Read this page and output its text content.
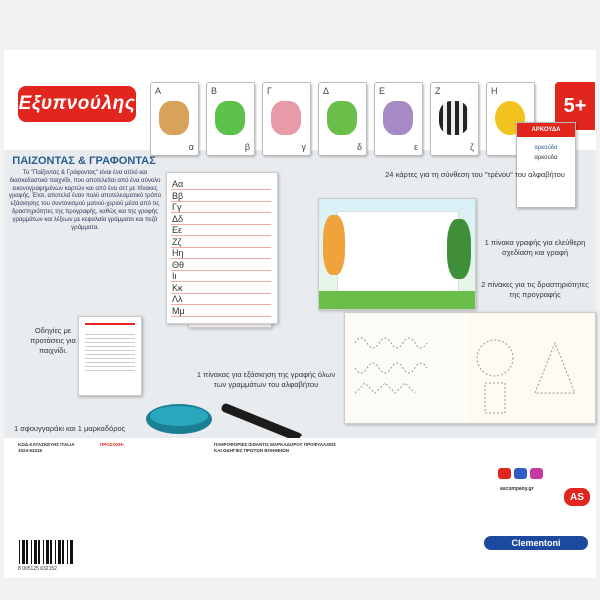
Εξυπνούλης	5+
A
α
B
β
Γ
γ
Δ
δ
E
ε
Z
ζ
H
ΑΡΚΟΥΔΑ
αρκούδα
αρκουδα
24 κάρτες για τη σύνθεση του "τρένου" του αλφαβήτου
ΠΑΙΖΟΝΤΑΣ & ΓΡΑΦΟΝΤΑΣ
Το "Παίζοντας & Γράφοντας" είναι ένα απλό και διασκεδαστικό παιχνίδι, που αποτελείται από ένα σύνολο εικονογραφημένων καρτών και από ένα σετ με πίνακες γραφής. Έτσι, αποτελεί έναν πολύ αποτελεσματικό τρόπο εξάσκησης του συντονισμού ματιού-χεριού μέσα από τις δραστηριότητες της προγραφής, καθώς και της γραφής γραμμάτων και λέξεων με κεφαλαία γράμματα και πεζά γράμματα.
Aα
Bβ
Γγ
Δδ
Eε
Zζ
Hη
Θθ
Iι
Kκ
Λλ
Mμ
1 πίνακα γραφής για ελεύθερη σχεδίαση και γραφή
2 πίνακες για τις δραστηριότητες της προγραφής
1 πίνακας για εξάσκηση της γραφής όλων των γραμμάτων του αλφαβήτου
Οδηγίες με προτάσεις για παιχνίδι.
1 σφουγγαράκι και 1 μαρκαδόρος
ΚΩΔ.ΚΑΤΑΣΚΕΥΗΣ ITALIA 1024-63315
ΠΡΟΣΟΧΗ!	ΠΛΗΡΟΦΟΡΙΕΣ ΙΣΘΑΝΤΙΣ ΜΑΡΚΑΔΟΡΟΥ ΠΡΟΦΥΛΑΞΕΙΣ ΚΑΙ ΟΔΗΓΙΕΣ ΠΡΩΤΩΝ ΒΟΗΘΕΙΩΝ
8 005125 632152
ascompany.gr
AS
Clementoni
